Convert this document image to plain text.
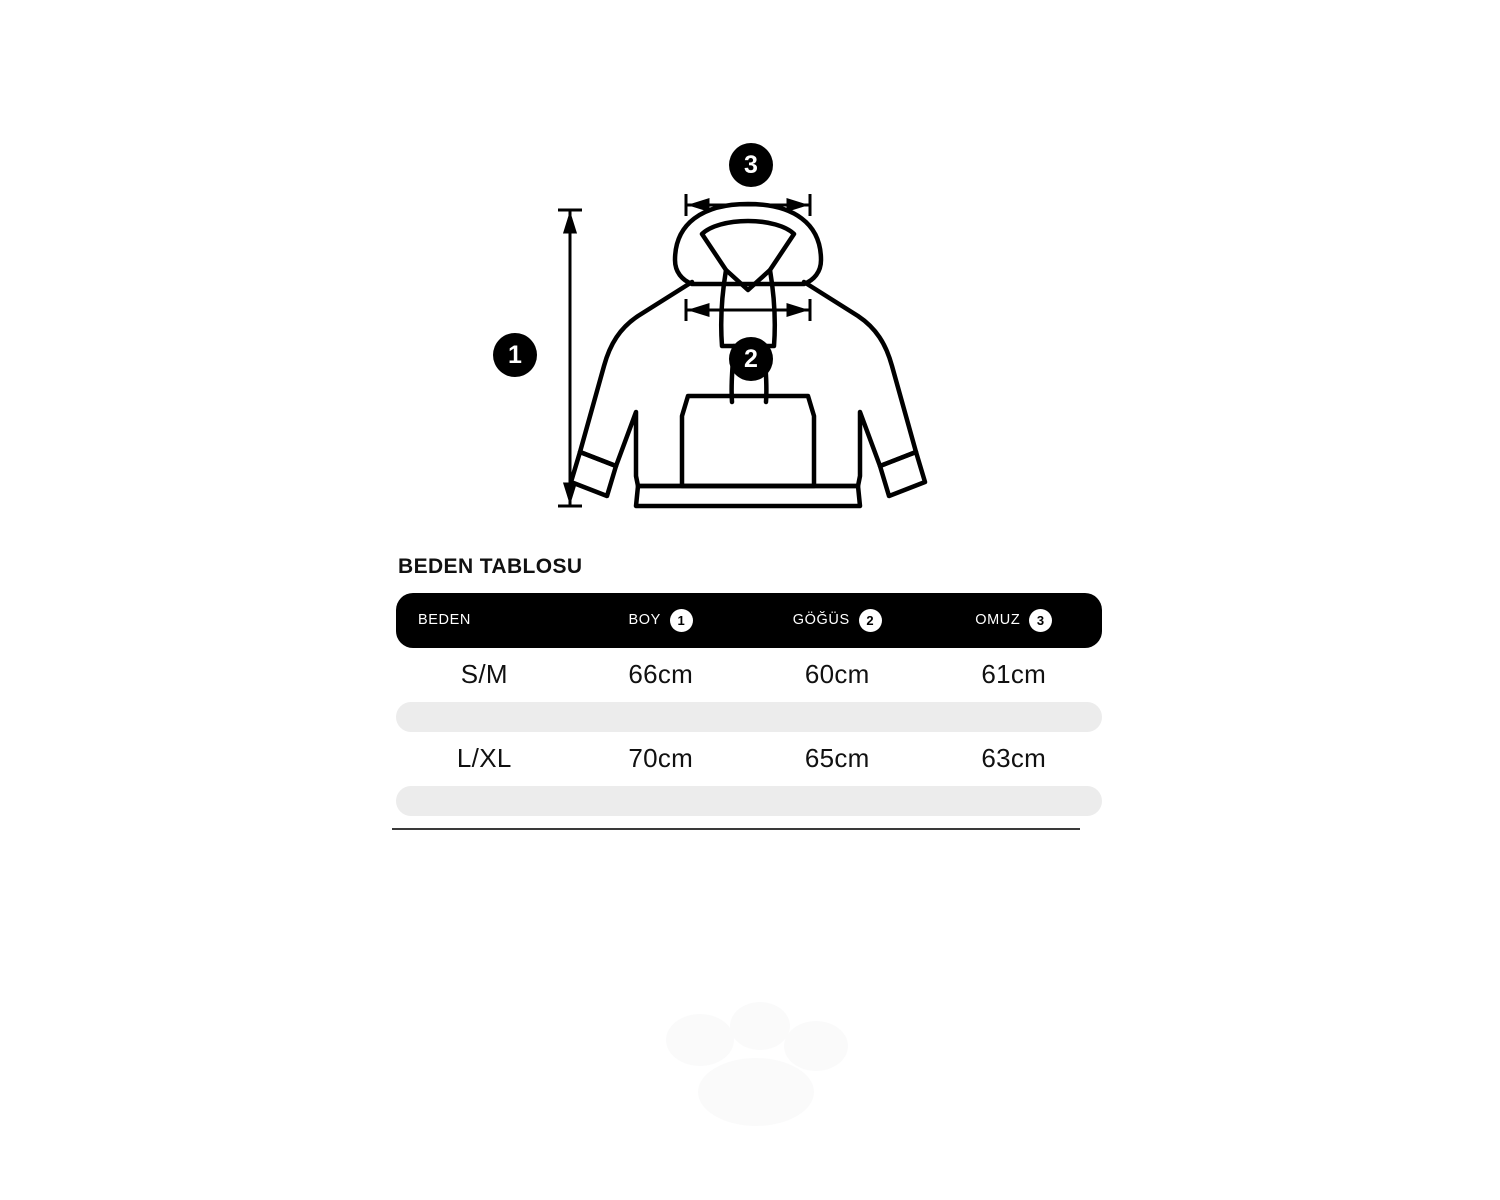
3
1	2
BEDEN TABLOSU
BEDEN	BOY 1	GÖĞÜS 2	OMUZ 3

S/M	66cm	60cm	61cm

L/XL	70cm	65cm	63cm
